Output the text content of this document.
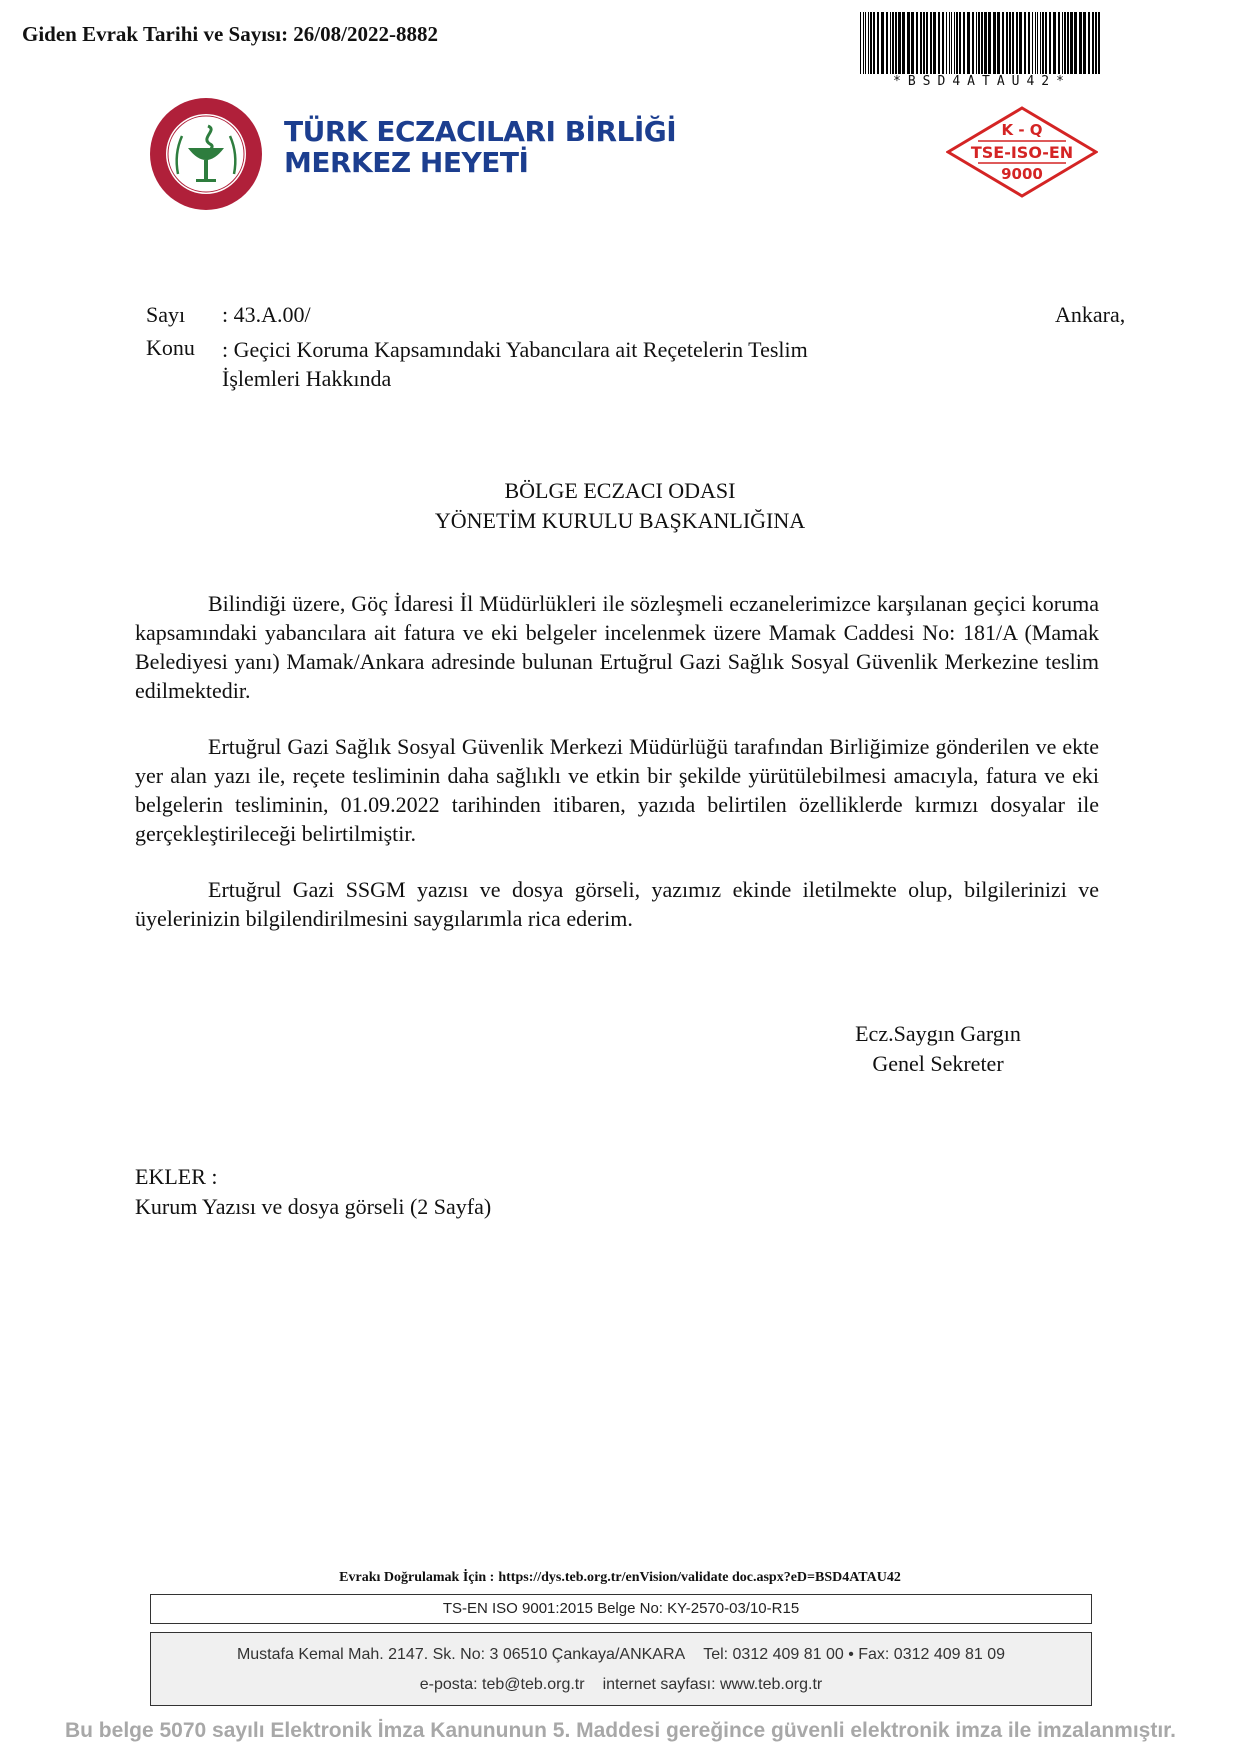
Giden Evrak Tarihi ve Sayısı: 26/08/2022-8882
*BSD4ATAU42*
TÜRK ECZACILARI BİRLİĞİ
MERKEZ HEYETİ
K - Q
TSE-ISO-EN
9000
Sayı : 43.A.00/	Ankara,
Konu : Geçici Koruma Kapsamındaki Yabancılara ait Reçetelerin Teslim İşlemleri Hakkında
BÖLGE ECZACI ODASI
YÖNETİM KURULU BAŞKANLIĞINA
Bilindiği üzere, Göç İdaresi İl Müdürlükleri ile sözleşmeli eczanelerimizce karşılanan geçici koruma kapsamındaki yabancılara ait fatura ve eki belgeler incelenmek üzere Mamak Caddesi No: 181/A (Mamak Belediyesi yanı) Mamak/Ankara adresinde bulunan Ertuğrul Gazi Sağlık Sosyal Güvenlik Merkezine teslim edilmektedir.
Ertuğrul Gazi Sağlık Sosyal Güvenlik Merkezi Müdürlüğü tarafından Birliğimize gönderilen ve ekte yer alan yazı ile, reçete tesliminin daha sağlıklı ve etkin bir şekilde yürütülebilmesi amacıyla, fatura ve eki belgelerin tesliminin, 01.09.2022 tarihinden itibaren, yazıda belirtilen özelliklerde kırmızı dosyalar ile gerçekleştirileceği belirtilmiştir.
Ertuğrul Gazi SSGM yazısı ve dosya görseli, yazımız ekinde iletilmekte olup, bilgilerinizi ve üyelerinizin bilgilendirilmesini saygılarımla rica ederim.
Ecz.Saygın Gargın
Genel Sekreter
EKLER :
Kurum Yazısı ve dosya görseli (2 Sayfa)
Evrakı Doğrulamak İçin : https://dys.teb.org.tr/enVision/validate doc.aspx?eD=BSD4ATAU42
TS-EN ISO 9001:2015 Belge No: KY-2570-03/10-R15
Mustafa Kemal Mah. 2147. Sk. No: 3 06510 Çankaya/ANKARA Tel: 0312 409 81 00 • Fax: 0312 409 81 09
e-posta: teb@teb.org.tr internet sayfası: www.teb.org.tr
Bu belge 5070 sayılı Elektronik İmza Kanununun 5. Maddesi gereğince güvenli elektronik imza ile imzalanmıştır.
